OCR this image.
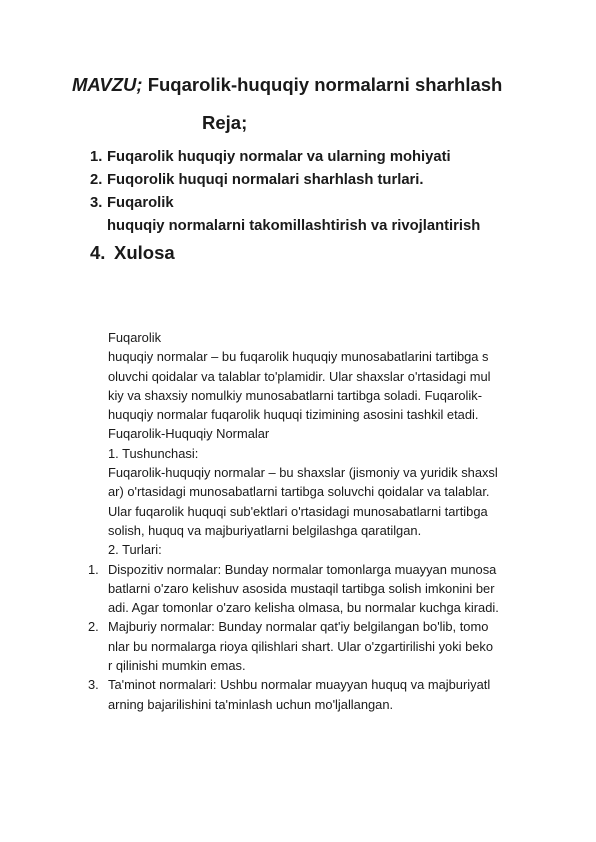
MAVZU; Fuqarolik-huquqiy normalarni sharhlash
Reja;
1. Fuqarolik huquqiy normalar va ularning mohiyati
2. Fuqorolik huquqi normalari sharhlash turlari.
3. Fuqarolik
huquqiy normalarni takomillashtirish va rivojlantirish
4. Xulosa

Fuqarolik

huquqiy normalar – bu fuqarolik huquqiy munosabatlarini tartibga s

oluvchi qoidalar va talablar to'plamidir. Ular shaxslar o'rtasidagi mul

kiy va shaxsiy nomulkiy munosabatlarni tartibga soladi. Fuqarolik-

huquqiy normalar fuqarolik huquqi tizimining asosini tashkil etadi.

Fuqarolik-Huquqiy Normalar

1. Tushunchasi:

Fuqarolik-huquqiy normalar – bu shaxslar (jismoniy va yuridik shaxsl

ar) o'rtasidagi munosabatlarni tartibga soluvchi qoidalar va talablar.

Ular fuqarolik huquqi sub'ektlari o'rtasidagi munosabatlarni tartibga

solish, huquq va majburiyatlarni belgilashga qaratilgan.

2. Turlari:

1. Dispozitiv normalar: Bunday normalar tomonlarga muayyan munosa

batlarni o'zaro kelishuv asosida mustaqil tartibga solish imkonini ber

adi. Agar tomonlar o'zaro kelisha olmasa, bu normalar kuchga kiradi.

2. Majburiy normalar: Bunday normalar qat'iy belgilangan bo'lib, tomo

nlar bu normalarga rioya qilishlari shart. Ular o'zgartirilishi yoki beko

r qilinishi mumkin emas.

3. Ta'minot normalari: Ushbu normalar muayyan huquq va majburiyatl

arning bajarilishini ta'minlash uchun mo'ljallangan.
